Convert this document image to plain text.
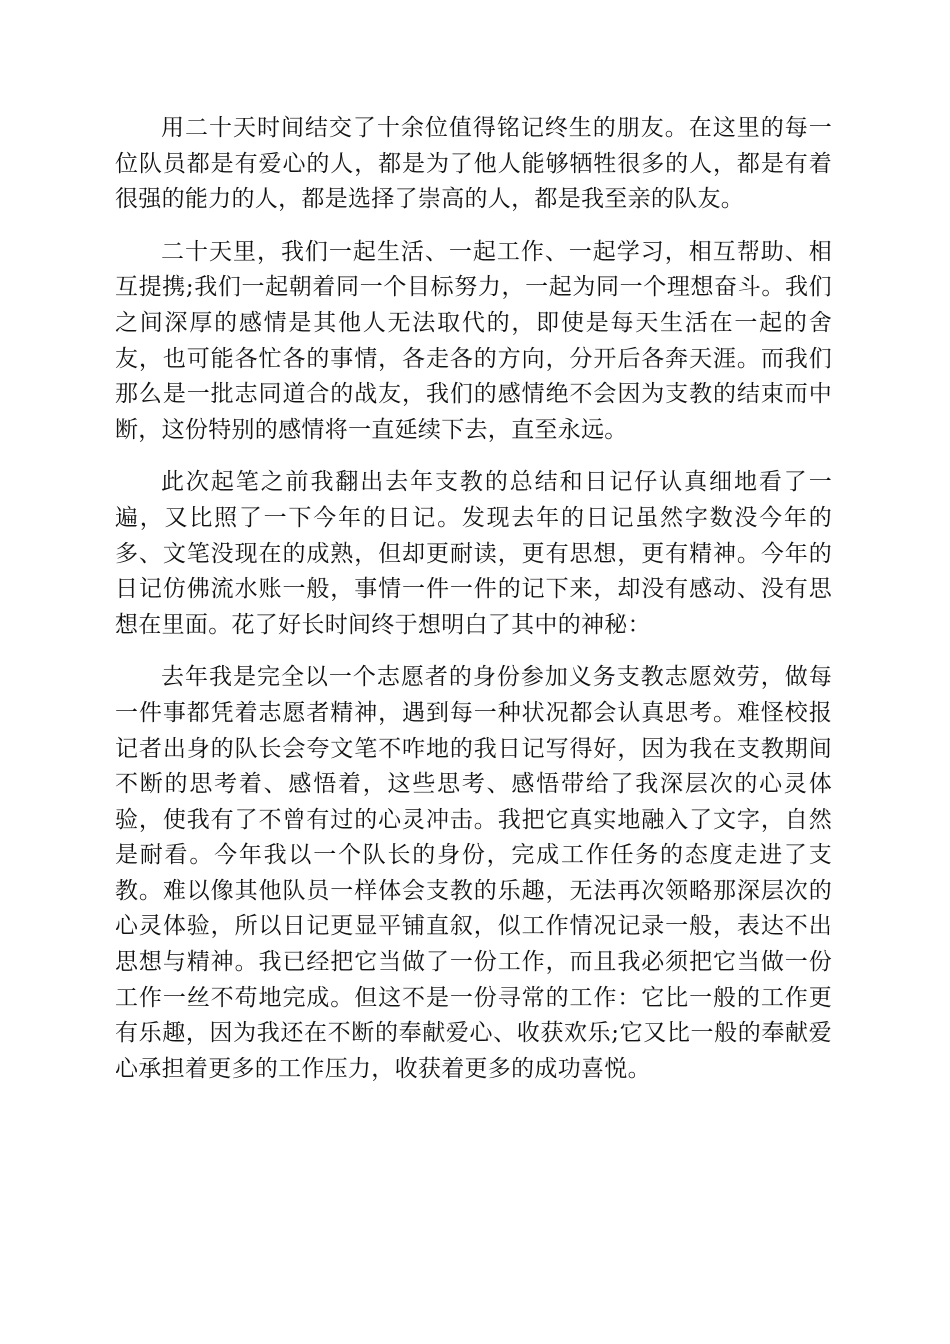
用二十天时间结交了十余位值得铭记终生的朋友。在这里的每一位队员都是有爱心的人，都是为了他人能够牺牲很多的人，都是有着很强的能力的人，都是选择了崇高的人，都是我至亲的队友。

二十天里，我们一起生活、一起工作、一起学习，相互帮助、相互提携;我们一起朝着同一个目标努力，一起为同一个理想奋斗。我们之间深厚的感情是其他人无法取代的，即使是每天生活在一起的舍友，也可能各忙各的事情，各走各的方向，分开后各奔天涯。而我们那么是一批志同道合的战友，我们的感情绝不会因为支教的结束而中断，这份特别的感情将一直延续下去，直至永远。

此次起笔之前我翻出去年支教的总结和日记仔认真细地看了一遍，又比照了一下今年的日记。发现去年的日记虽然字数没今年的多、文笔没现在的成熟，但却更耐读，更有思想，更有精神。今年的日记仿佛流水账一般，事情一件一件的记下来，却没有感动、没有思想在里面。花了好长时间终于想明白了其中的神秘：

去年我是完全以一个志愿者的身份参加义务支教志愿效劳，做每一件事都凭着志愿者精神，遇到每一种状况都会认真思考。难怪校报记者出身的队长会夸文笔不咋地的我日记写得好，因为我在支教期间不断的思考着、感悟着，这些思考、感悟带给了我深层次的心灵体验，使我有了不曾有过的心灵冲击。我把它真实地融入了文字，自然是耐看。今年我以一个队长的身份，完成工作任务的态度走进了支教。难以像其他队员一样体会支教的乐趣，无法再次领略那深层次的心灵体验，所以日记更显平铺直叙，似工作情况记录一般，表达不出思想与精神。我已经把它当做了一份工作，而且我必须把它当做一份工作一丝不苟地完成。但这不是一份寻常的工作：它比一般的工作更有乐趣，因为我还在不断的奉献爱心、收获欢乐;它又比一般的奉献爱心承担着更多的工作压力，收获着更多的成功喜悦。
